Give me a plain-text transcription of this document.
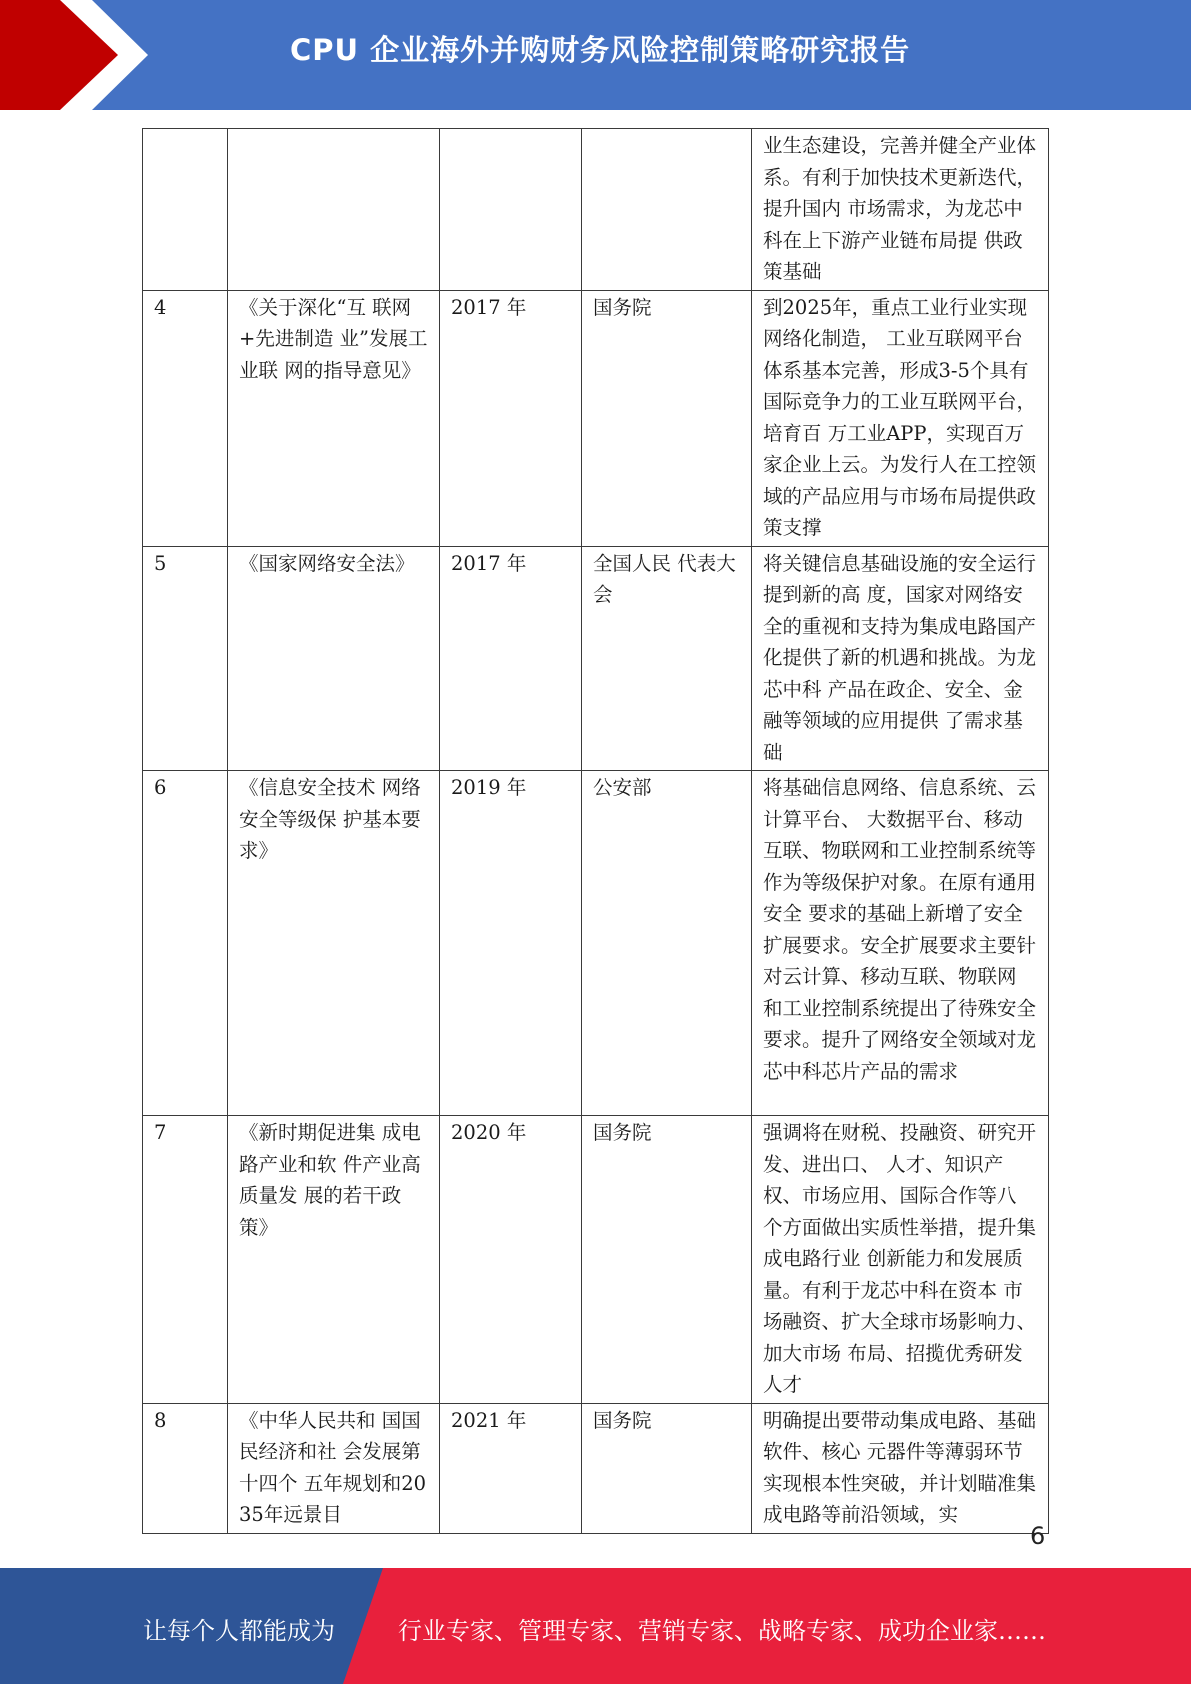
CPU 企业海外并购财务风险控制策略研究报告
				业生态建设，完善并健全产业体系。有利于加快技术更新迭代，提升国内 市场需求，为龙芯中科在上下游产业链布局提 供政策基础
4	《关于深化“互 联网+先进制造 业”发展工业联 网的指导意见》	2017 年	国务院	到2025年，重点工业行业实现网络化制造， 工业互联网平台体系基本完善，形成3-5个具有国际竞争力的工业互联网平台，培育百 万工业APP，实现百万家企业上云。为发行人在工控领域的产品应用与市场布局提供政 策支撑
5	《国家网络安全法》	2017 年	全国人民 代表大会	将关键信息基础设施的安全运行提到新的高 度，国家对网络安全的重视和支持为集成电路国产化提供了新的机遇和挑战。为龙芯中科 产品在政企、安全、金融等领域的应用提供 了需求基础
6	《信息安全技术 网络安全等级保 护基本要求》	2019 年	公安部	将基础信息网络、信息系统、云计算平台、 大数据平台、移动互联、物联网和工业控制系统等作为等级保护对象。在原有通用安全 要求的基础上新增了安全扩展要求。安全扩展要求主要针对云计算、移动互联、物联网 和工业控制系统提出了待殊安全要求。提升了网络安全领域对龙芯中科芯片产品的需求
7	《新时期促进集 成电路产业和软 件产业高质量发 展的若干政策》	2020 年	国务院	强调将在财税、投融资、研究开发、进出口、 人才、知识产权、市场应用、国际合作等八 个方面做出实质性举措，提升集成电路行业 创新能力和发展质量。有利于龙芯中科在资本 市场融资、扩大全球市场影响力、加大市场 布局、招揽优秀研发人才
8	《中华人民共和 国国民经济和社 会发展第十四个 五年规划和2035年远景目	2021 年	国务院	明确提出要带动集成电路、基础软件、核心 元器件等薄弱环节实现根本性突破，并计划瞄准集成电路等前沿领域，实
6
让每个人都能成为	行业专家、管理专家、营销专家、战略专家、成功企业家……
